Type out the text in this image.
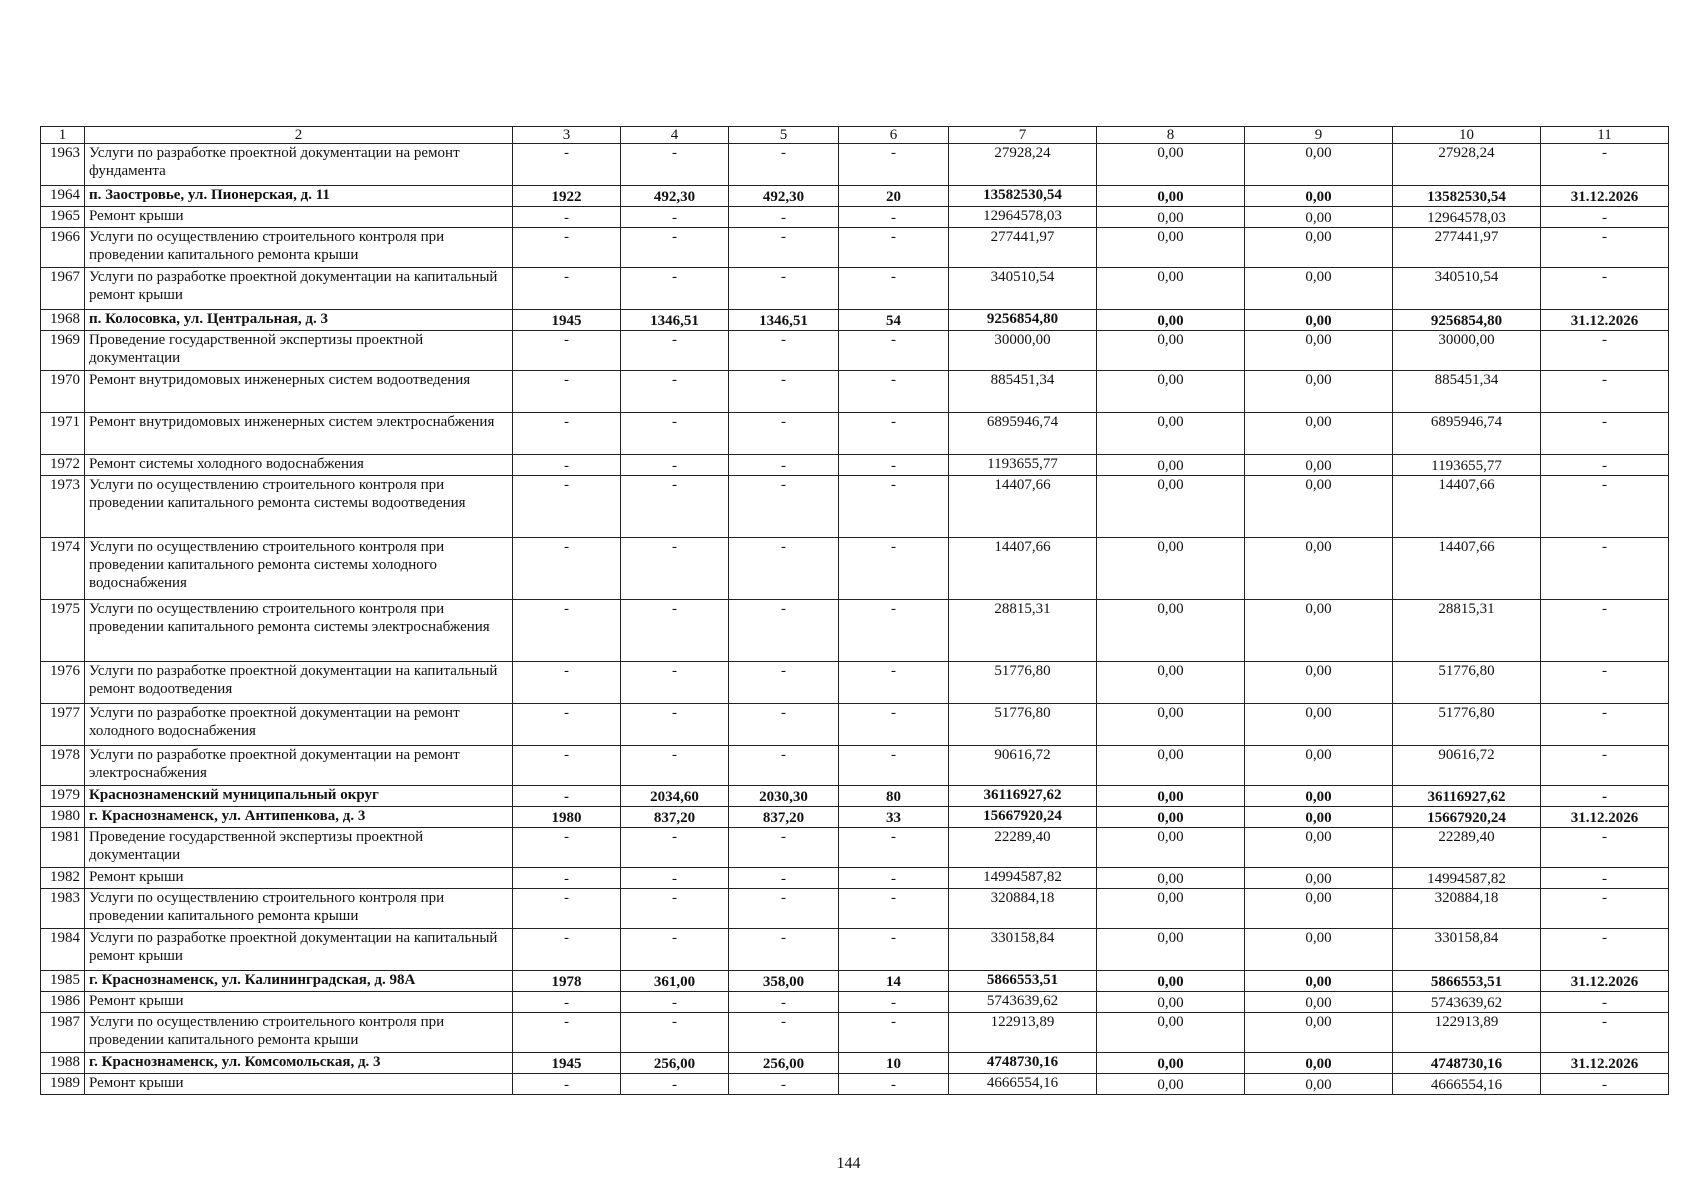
1	2	3	4	5	6	7	8	9	10	11
1963	Услуги по разработке проектной документации на ремонт фундамента	-	-	-	-	27928,24	0,00	0,00	27928,24	-
1964	п. Заостровье, ул. Пионерская, д. 11	1922	492,30	492,30	20	13582530,54	0,00	0,00	13582530,54	31.12.2026
1965	Ремонт крыши	-	-	-	-	12964578,03	0,00	0,00	12964578,03	-
1966	Услуги по осуществлению строительного контроля при проведении капитального ремонта крыши	-	-	-	-	277441,97	0,00	0,00	277441,97	-
1967	Услуги по разработке проектной документации на капитальный ремонт крыши	-	-	-	-	340510,54	0,00	0,00	340510,54	-
1968	п. Колосовка, ул. Центральная, д. 3	1945	1346,51	1346,51	54	9256854,80	0,00	0,00	9256854,80	31.12.2026
1969	Проведение государственной экспертизы проектной документации	-	-	-	-	30000,00	0,00	0,00	30000,00	-
1970	Ремонт внутридомовых инженерных систем водоотведения	-	-	-	-	885451,34	0,00	0,00	885451,34	-
1971	Ремонт внутридомовых инженерных систем электроснабжения	-	-	-	-	6895946,74	0,00	0,00	6895946,74	-
1972	Ремонт системы холодного водоснабжения	-	-	-	-	1193655,77	0,00	0,00	1193655,77	-
1973	Услуги по осуществлению строительного контроля при проведении капитального ремонта системы водоотведения	-	-	-	-	14407,66	0,00	0,00	14407,66	-
1974	Услуги по осуществлению строительного контроля при проведении капитального ремонта системы холодного водоснабжения	-	-	-	-	14407,66	0,00	0,00	14407,66	-
1975	Услуги по осуществлению строительного контроля при проведении капитального ремонта системы электроснабжения	-	-	-	-	28815,31	0,00	0,00	28815,31	-
1976	Услуги по разработке проектной документации на капитальный ремонт водоотведения	-	-	-	-	51776,80	0,00	0,00	51776,80	-
1977	Услуги по разработке проектной документации на ремонт холодного водоснабжения	-	-	-	-	51776,80	0,00	0,00	51776,80	-
1978	Услуги по разработке проектной документации на ремонт электроснабжения	-	-	-	-	90616,72	0,00	0,00	90616,72	-
1979	Краснознаменский муниципальный округ	-	2034,60	2030,30	80	36116927,62	0,00	0,00	36116927,62	-
1980	г. Краснознаменск, ул. Антипенкова, д. 3	1980	837,20	837,20	33	15667920,24	0,00	0,00	15667920,24	31.12.2026
1981	Проведение государственной экспертизы проектной документации	-	-	-	-	22289,40	0,00	0,00	22289,40	-
1982	Ремонт крыши	-	-	-	-	14994587,82	0,00	0,00	14994587,82	-
1983	Услуги по осуществлению строительного контроля при проведении капитального ремонта крыши	-	-	-	-	320884,18	0,00	0,00	320884,18	-
1984	Услуги по разработке проектной документации на капитальный ремонт крыши	-	-	-	-	330158,84	0,00	0,00	330158,84	-
1985	г. Краснознаменск, ул. Калининградская, д. 98А	1978	361,00	358,00	14	5866553,51	0,00	0,00	5866553,51	31.12.2026
1986	Ремонт крыши	-	-	-	-	5743639,62	0,00	0,00	5743639,62	-
1987	Услуги по осуществлению строительного контроля при проведении капитального ремонта крыши	-	-	-	-	122913,89	0,00	0,00	122913,89	-
1988	г. Краснознаменск, ул. Комсомольская, д. 3	1945	256,00	256,00	10	4748730,16	0,00	0,00	4748730,16	31.12.2026
1989	Ремонт крыши	-	-	-	-	4666554,16	0,00	0,00	4666554,16	-
144
